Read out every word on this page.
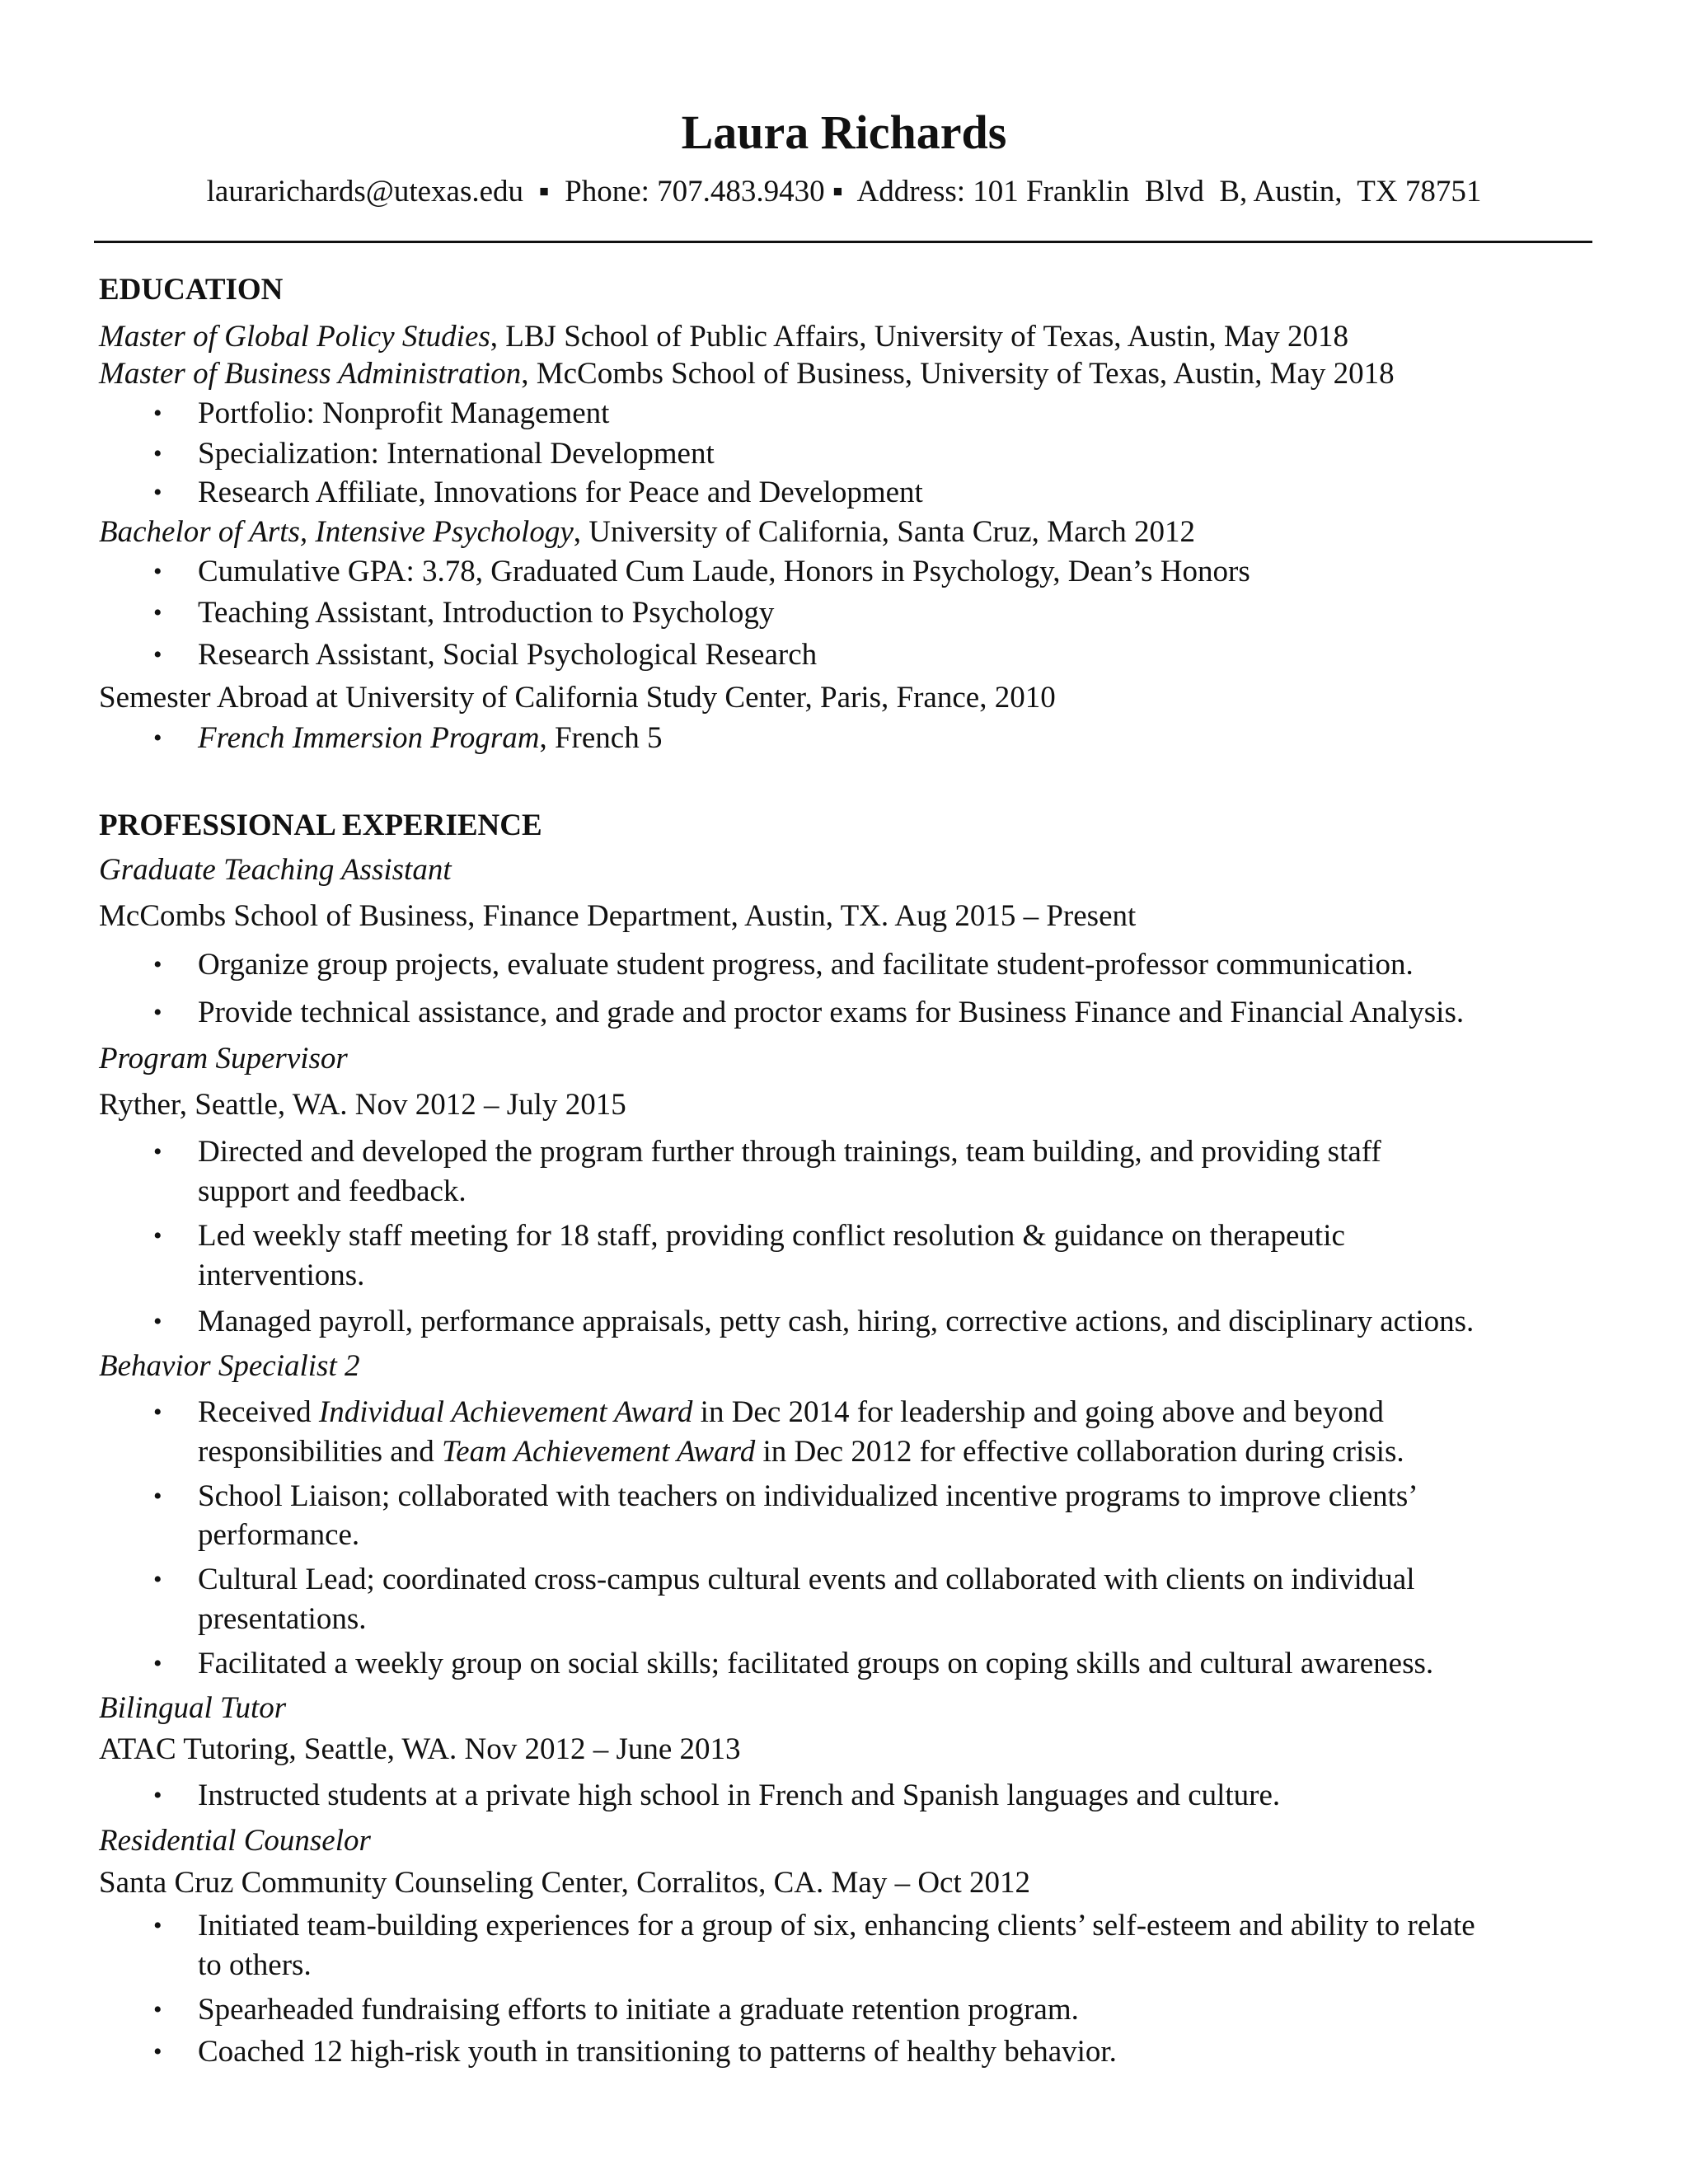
Laura Richards
laurarichards@utexas.edu  ▪  Phone: 707.483.9430 ▪  Address: 101 Franklin  Blvd  B, Austin,  TX 78751
EDUCATION
Master of Global Policy Studies, LBJ School of Public Affairs, University of Texas, Austin, May 2018
Master of Business Administration, McCombs School of Business, University of Texas, Austin, May 2018
• Portfolio: Nonprofit Management
• Specialization: International Development
• Research Affiliate, Innovations for Peace and Development
Bachelor of Arts, Intensive Psychology, University of California, Santa Cruz, March 2012
• Cumulative GPA: 3.78, Graduated Cum Laude, Honors in Psychology, Dean’s Honors
• Teaching Assistant, Introduction to Psychology
• Research Assistant, Social Psychological Research
Semester Abroad at University of California Study Center, Paris, France, 2010
• French Immersion Program, French 5
PROFESSIONAL EXPERIENCE
Graduate Teaching Assistant
McCombs School of Business, Finance Department, Austin, TX. Aug 2015 – Present
• Organize group projects, evaluate student progress, and facilitate student-professor communication.
• Provide technical assistance, and grade and proctor exams for Business Finance and Financial Analysis.
Program Supervisor
Ryther, Seattle, WA. Nov 2012 – July 2015
• Directed and developed the program further through trainings, team building, and providing staff
support and feedback.
• Led weekly staff meeting for 18 staff, providing conflict resolution & guidance on therapeutic
interventions.
• Managed payroll, performance appraisals, petty cash, hiring, corrective actions, and disciplinary actions.
Behavior Specialist 2
• Received Individual Achievement Award in Dec 2014 for leadership and going above and beyond
responsibilities and Team Achievement Award in Dec 2012 for effective collaboration during crisis.
• School Liaison; collaborated with teachers on individualized incentive programs to improve clients’
performance.
• Cultural Lead; coordinated cross-campus cultural events and collaborated with clients on individual
presentations.
• Facilitated a weekly group on social skills; facilitated groups on coping skills and cultural awareness.
Bilingual Tutor
ATAC Tutoring, Seattle, WA. Nov 2012 – June 2013
• Instructed students at a private high school in French and Spanish languages and culture.
Residential Counselor
Santa Cruz Community Counseling Center, Corralitos, CA. May – Oct 2012
• Initiated team-building experiences for a group of six, enhancing clients’ self-esteem and ability to relate
to others.
• Spearheaded fundraising efforts to initiate a graduate retention program.
• Coached 12 high-risk youth in transitioning to patterns of healthy behavior.
